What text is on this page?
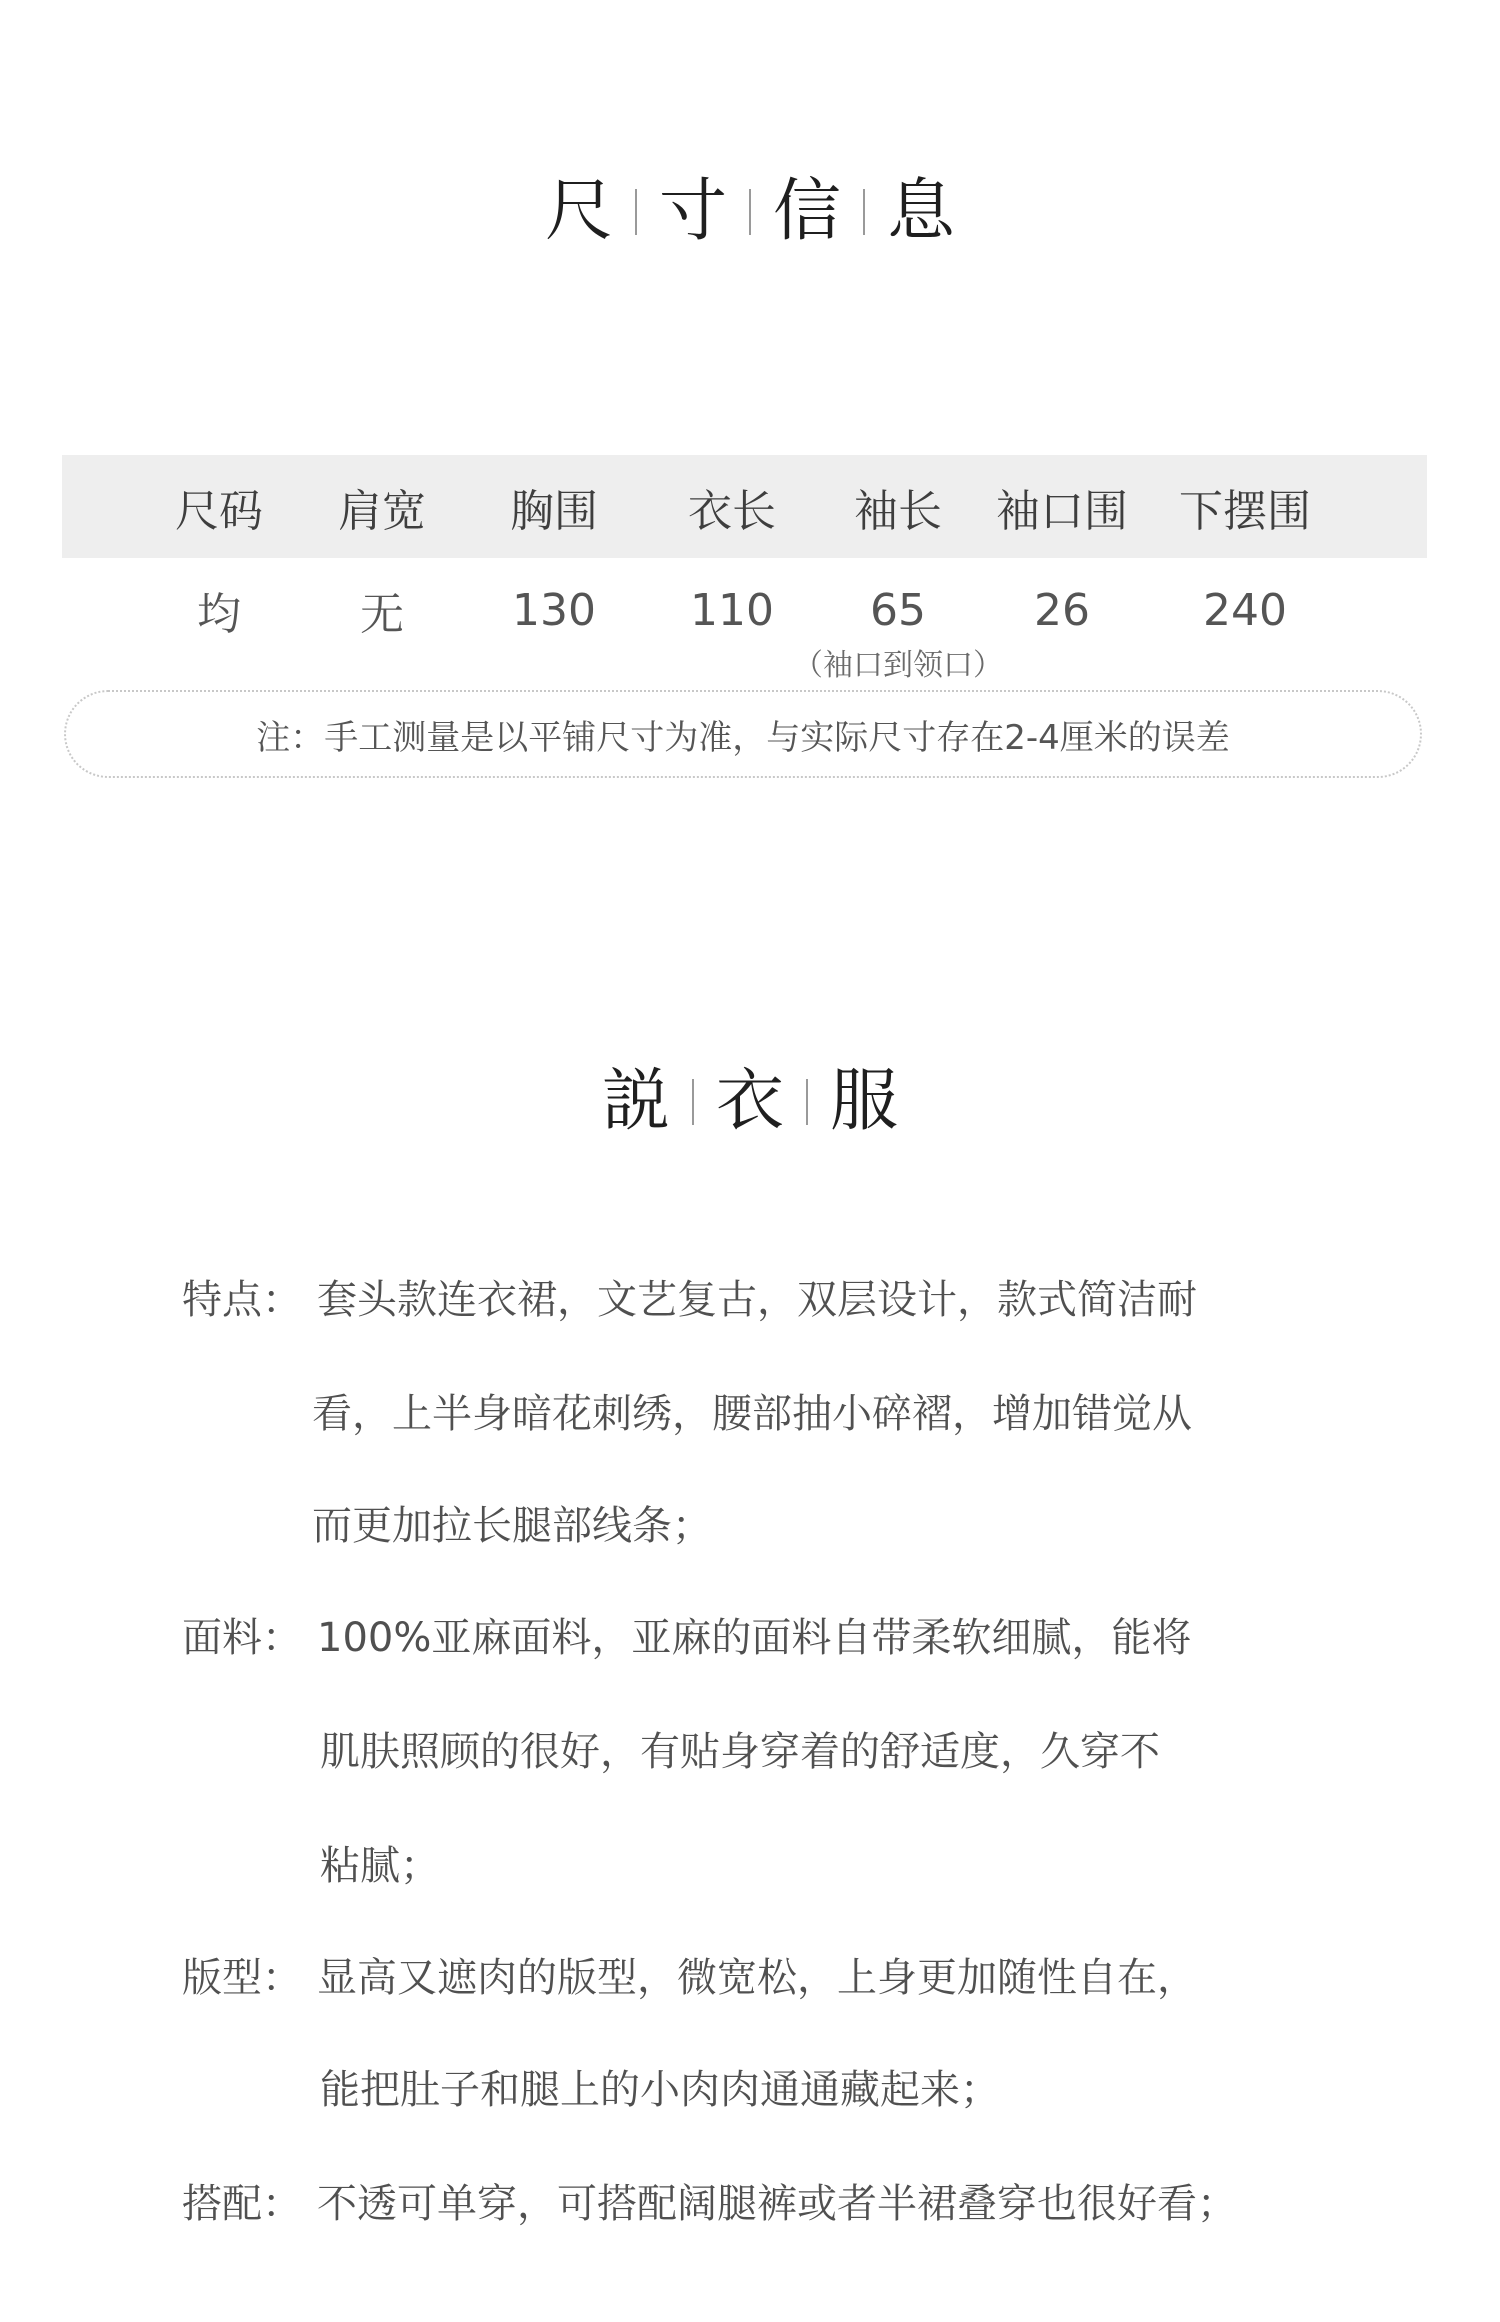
尺 寸 信 息
尺码 肩宽 胸围 衣长 袖长 袖口围 下摆围
均	无 130 110 65 26	240
（袖口到领口）
注：手工测量是以平铺尺寸为准，与实际尺寸存在2-4厘米的误差
説 衣 服
特点： 套头款连衣裙，文艺复古，双层设计，款式简洁耐
看，上半身暗花刺绣，腰部抽小碎褶，增加错觉从
而更加拉长腿部线条；
面料： 100%亚麻面料，亚麻的面料自带柔软细腻，能将
肌肤照顾的很好，有贴身穿着的舒适度，久穿不
粘腻；
版型： 显高又遮肉的版型，微宽松，上身更加随性自在，
能把肚子和腿上的小肉肉通通藏起来；
搭配： 不透可单穿，可搭配阔腿裤或者半裙叠穿也很好看；
